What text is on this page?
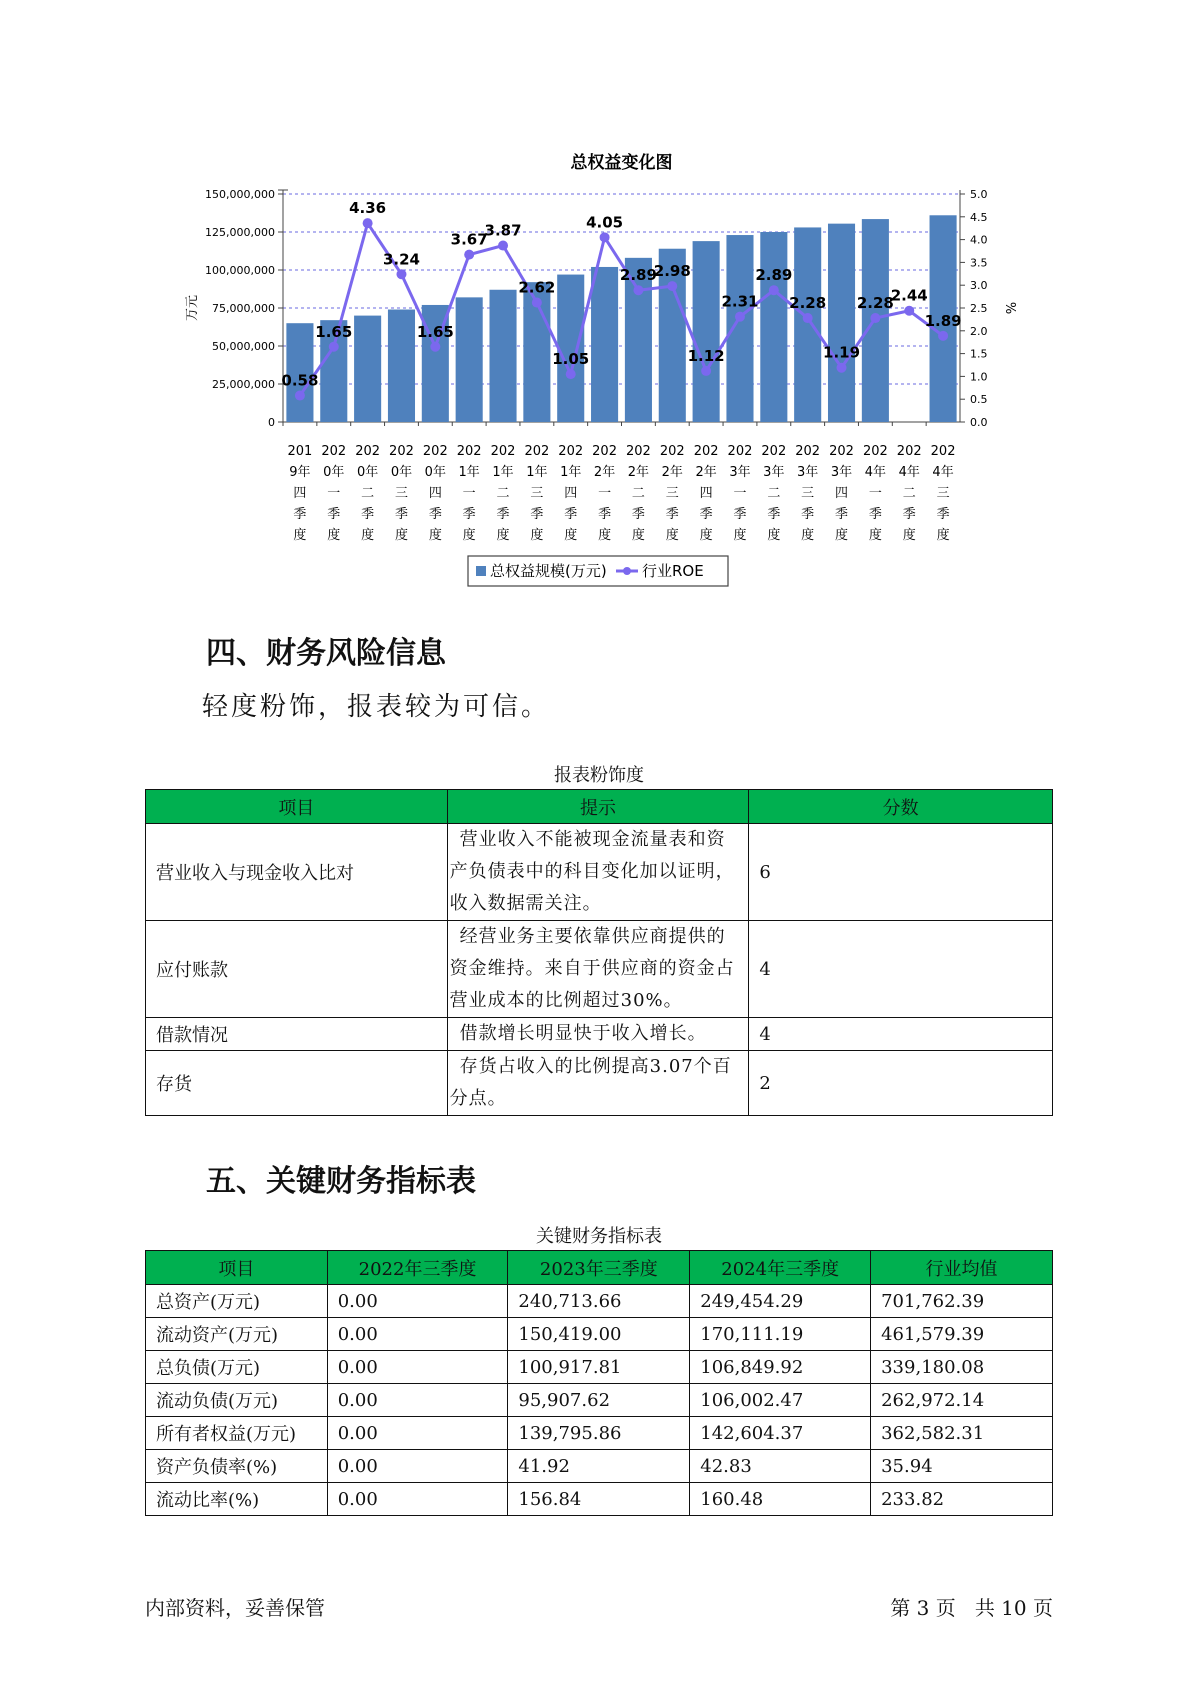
总权益变化图
0
25,000,000
50,000,000
75,000,000
100,000,000
125,000,000
150,000,000
0.0
0.5
1.0
1.5
2.0
2.5
3.0
3.5
4.0
4.5
5.0
万元	%
201
9年
四
季
度
202
0年
一
季
度
202
0年
二
季
度
202
0年
三
季
度
202
0年
四
季
度
202
1年
一
季
度
202
1年
二
季
度
202
1年
三
季
度
202
1年
四
季
度
202
2年
一
季
度
202
2年
二
季
度
202
2年
三
季
度
202
2年
四
季
度
202
3年
一
季
度
202
3年
二
季
度
202
3年
三
季
度
202
3年
四
季
度
202
4年
一
季
度
202
4年
二
季
度
202
4年
三
季
度
0.58
1.65
4.36
3.24
1.65
3.67
3.87
2.62
1.05
4.05
2.89
2.98
1.12
2.31
2.89
2.28
1.19
2.28
2.44
1.89
总权益规模(万元) 行业ROE
四、财务风险信息
轻度粉饰，报表较为可信。
报表粉饰度
项目	提示	分数
营业收入与现金收入比对	营业收入不能被现金流量表和资
产负债表中的科目变化加以证明，
收入数据需关注。	6
应付账款	经营业务主要依靠供应商提供的
资金维持。来自于供应商的资金占
营业成本的比例超过30%。	4
借款情况	借款增长明显快于收入增长。	4
存货	存货占收入的比例提高3.07个百
分点。	2
五、关键财务指标表
关键财务指标表
项目	2022年三季度	2023年三季度	2024年三季度	行业均值
总资产(万元)	0.00	240,713.66	249,454.29	701,762.39
流动资产(万元)	0.00	150,419.00	170,111.19	461,579.39
总负债(万元)	0.00	100,917.81	106,849.92	339,180.08
流动负债(万元)	0.00	95,907.62	106,002.47	262,972.14
所有者权益(万元)	0.00	139,795.86	142,604.37	362,582.31
资产负债率(%)	0.00	41.92	42.83	35.94
流动比率(%)	0.00	156.84	160.48	233.82
内部资料，妥善保管	第 3 页   共 10 页
